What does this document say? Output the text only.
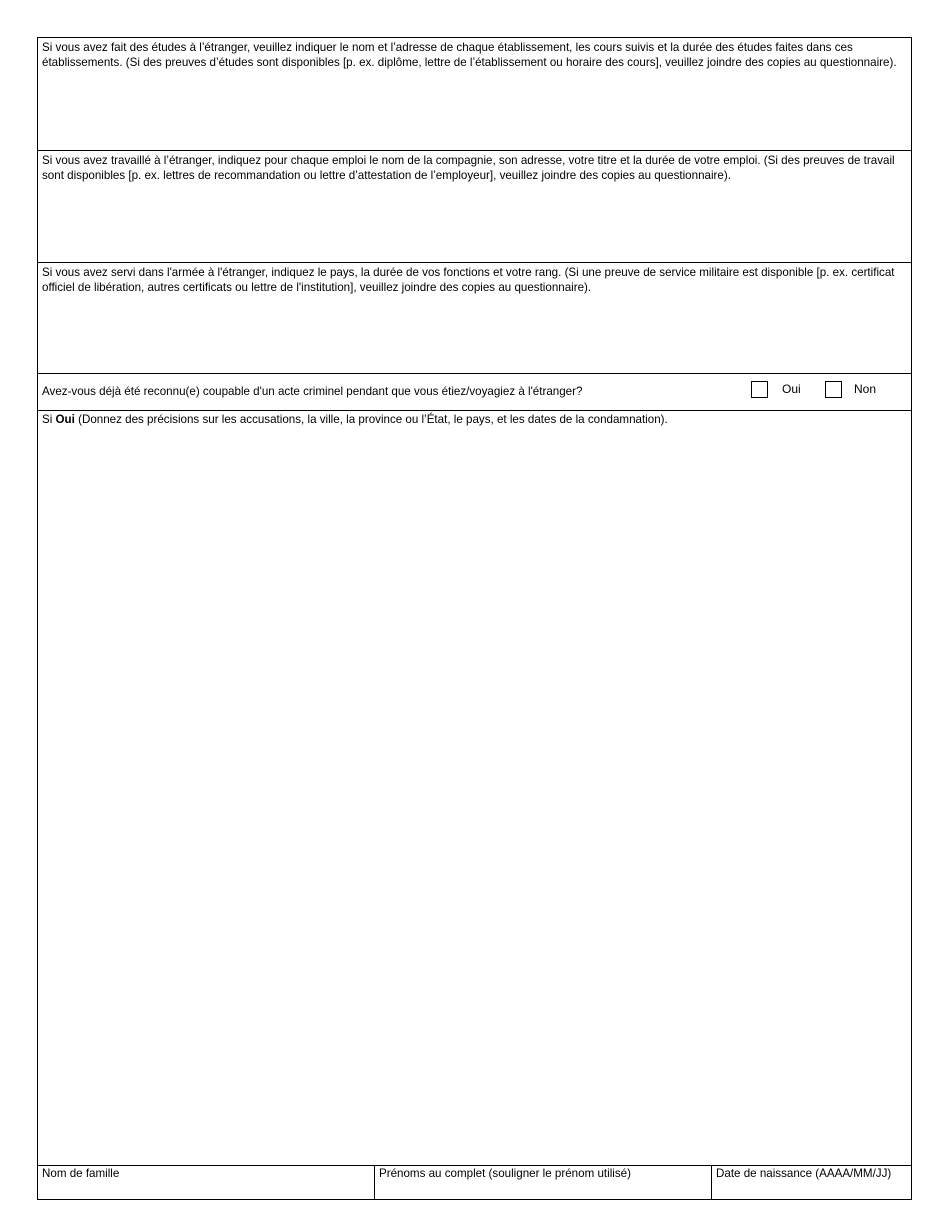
Si vous avez fait des études à l’étranger, veuillez indiquer le nom et l’adresse de chaque établissement, les cours suivis et la durée des études faites dans ces établissements. (Si des preuves d’études sont disponibles [p. ex. diplôme, lettre de l’établissement ou horaire des cours], veuillez joindre des copies au questionnaire).
Si vous avez travaillé à l’étranger, indiquez pour chaque emploi le nom de la compagnie, son adresse, votre titre et la durée de votre emploi. (Si des preuves de travail sont disponibles [p. ex. lettres de recommandation ou lettre d’attestation de l’employeur], veuillez joindre des copies au questionnaire).
Si vous avez servi dans l'armée à l'étranger, indiquez le pays, la durée de vos fonctions et votre rang. (Si une preuve de service militaire est disponible [p. ex. certificat officiel de libération, autres certificats ou lettre de l'institution], veuillez joindre des copies au questionnaire).
Avez-vous déjà été reconnu(e) coupable d'un acte criminel pendant que vous étiez/voyagiez à l'étranger?	Oui	Non
Si Oui (Donnez des précisions sur les accusations, la ville, la province ou l’État, le pays, et les dates de la condamnation).
Nom de famille	Prénoms au complet (souligner le prénom utilisé)	Date de naissance (AAAA/MM/JJ)
